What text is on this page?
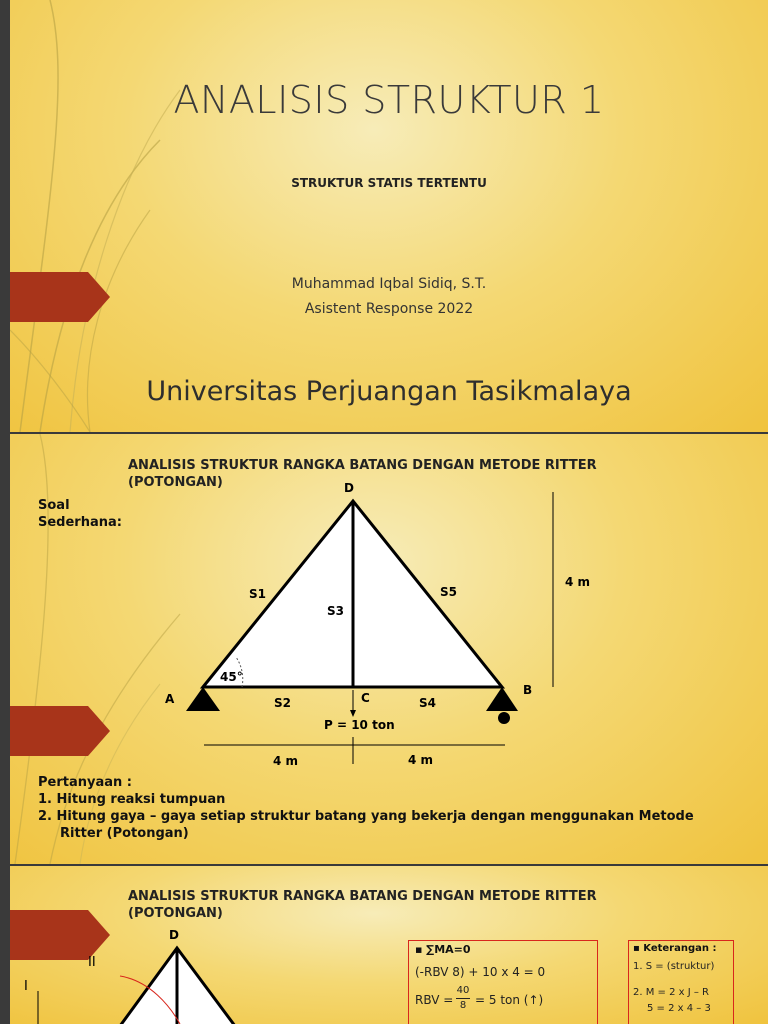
ANALISIS STRUKTUR 1
STRUKTUR STATIS TERTENTU
Muhammad Iqbal Sidiq, S.T.
Asistent Response 2022
Universitas Perjuangan Tasikmalaya
ANALISIS STRUKTUR RANGKA BATANG DENGAN METODE RITTER
(POTONGAN)
Soal
Sederhana:
D
A
B
C
S1
S2
S3
S4
S5
45°
4 m
P = 10 ton
4 m	4 m
Pertanyaan :
1. Hitung reaksi tumpuan
2. Hitung gaya – gaya setiap struktur batang yang bekerja dengan menggunakan Metode
Ritter (Potongan)
ANALISIS STRUKTUR RANGKA BATANG DENGAN METODE RITTER
(POTONGAN)
D
I
II
▪ ∑MA=0
(-RBV 8) + 10 x 4 = 0
RBV =
40
8 = 5 ton (↑)
▪ Keterangan :
1. S = (struktur)
2. M = 2 x J – R
5 = 2 x 4 – 3
